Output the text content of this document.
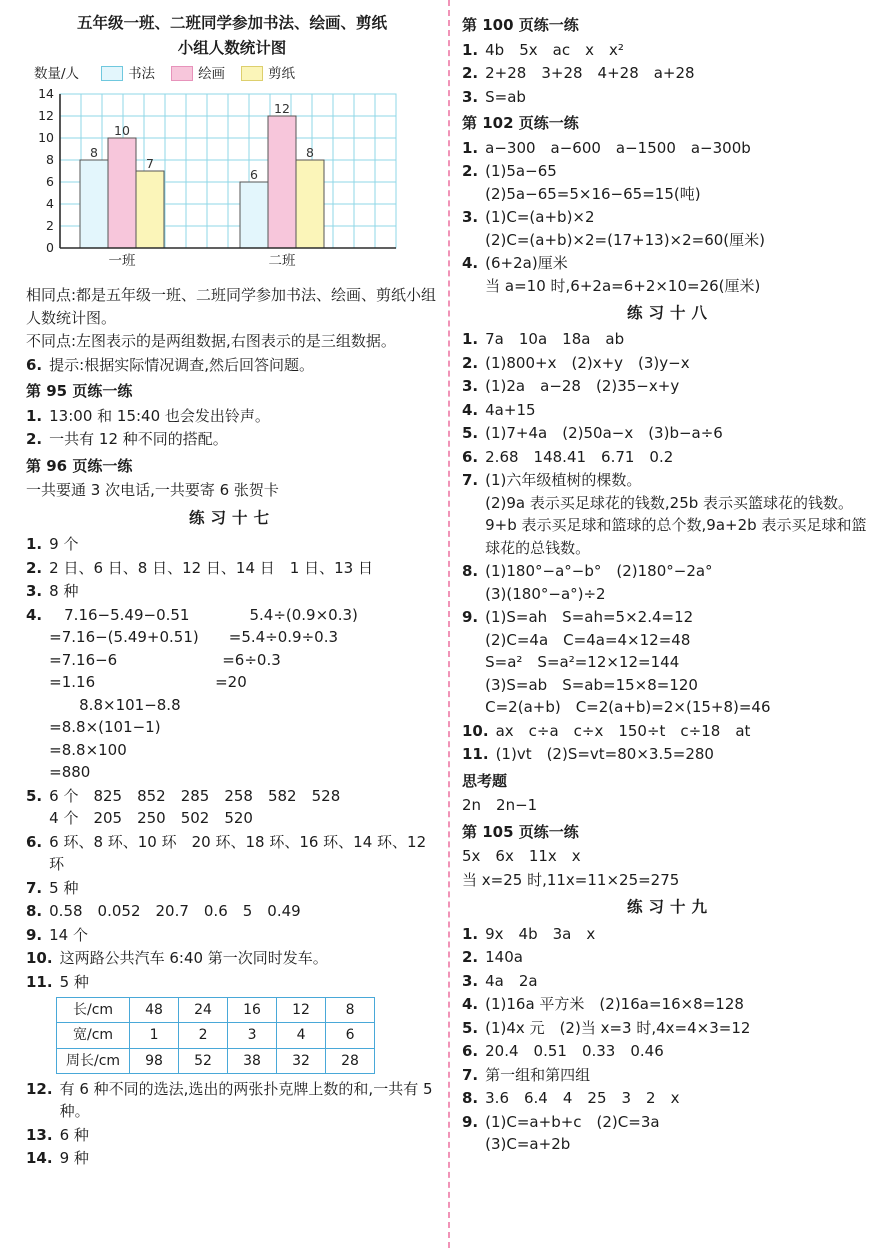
五年级一班、二班同学参加书法、绘画、剪纸
小组人数统计图
数量/人	书法	绘画	剪纸
0
2
4
6
8
10
12
14
8
10
7
一班
6
12
8
二班
相同点:都是五年级一班、二班同学参加书法、绘画、剪纸小组人数统计图。
不同点:左图表示的是两组数据,右图表示的是三组数据。
6. 提示:根据实际情况调查,然后回答问题。
第 95 页练一练
1. 13:00 和 15:40 也会发出铃声。
2. 一共有 12 种不同的搭配。
第 96 页练一练
一共要通 3 次电话,一共要寄 6 张贺卡
练习十七
1. 9 个
2. 2 日、6 日、8 日、12 日、14 日　1 日、13 日
3. 8 种
4. 　7.16−5.49−0.51　　　　5.4÷(0.9×0.3)
=7.16−(5.49+0.51)　　=5.4÷0.9÷0.3
=7.16−6　　　　　　　=6÷0.3
=1.16　　　　　　　　=20
　　8.8×101−8.8
=8.8×(101−1)
=8.8×100
=880
5. 6 个　825　852　285　258　582　528
4 个　205　250　502　520
6. 6 环、8 环、10 环　20 环、18 环、16 环、14 环、12 环
7. 5 种
8. 0.58　0.052　20.7　0.6　5　0.49
9. 14 个
10. 这两路公共汽车 6:40 第一次同时发车。
11. 5 种
长/cm	48	24	16	12	8
宽/cm	1	2	3	4	6
周长/cm	98	52	38	32	28
12. 有 6 种不同的选法,选出的两张扑克牌上数的和,一共有 5 种。
13. 6 种
14. 9 种
第 100 页练一练
1. 4b　5x　ac　x　x²
2. 2+28　3+28　4+28　a+28
3. S=ab
第 102 页练一练
1. a−300　a−600　a−1500　a−300b
2. (1)5a−65
(2)5a−65=5×16−65=15(吨)
3. (1)C=(a+b)×2
(2)C=(a+b)×2=(17+13)×2=60(厘米)
4. (6+2a)厘米
当 a=10 时,6+2a=6+2×10=26(厘米)
练习十八
1. 7a　10a　18a　ab
2. (1)800+x　(2)x+y　(3)y−x
3. (1)2a　a−28　(2)35−x+y
4. 4a+15
5. (1)7+4a　(2)50a−x　(3)b−a÷6
6. 2.68　148.41　6.71　0.2
7. (1)六年级植树的棵数。
(2)9a 表示买足球花的钱数,25b 表示买篮球花的钱数。9+b 表示买足球和篮球的总个数,9a+2b 表示买足球和篮球花的总钱数。
8. (1)180°−a°−b°　(2)180°−2a°
(3)(180°−a°)÷2
9. (1)S=ah　S=ah=5×2.4=12
(2)C=4a　C=4a=4×12=48
S=a²　S=a²=12×12=144
(3)S=ab　S=ab=15×8=120
C=2(a+b)　C=2(a+b)=2×(15+8)=46
10. ax　c÷a　c÷x　150÷t　c÷18　at
11. (1)vt　(2)S=vt=80×3.5=280
思考题
2n　2n−1
第 105 页练一练
5x　6x　11x　x
当 x=25 时,11x=11×25=275
练习十九
1. 9x　4b　3a　x
2. 140a
3. 4a　2a
4. (1)16a 平方米　(2)16a=16×8=128
5. (1)4x 元　(2)当 x=3 时,4x=4×3=12
6. 20.4　0.51　0.33　0.46
7. 第一组和第四组
8. 3.6　6.4　4　25　3　2　x
9. (1)C=a+b+c　(2)C=3a
(3)C=a+2b
